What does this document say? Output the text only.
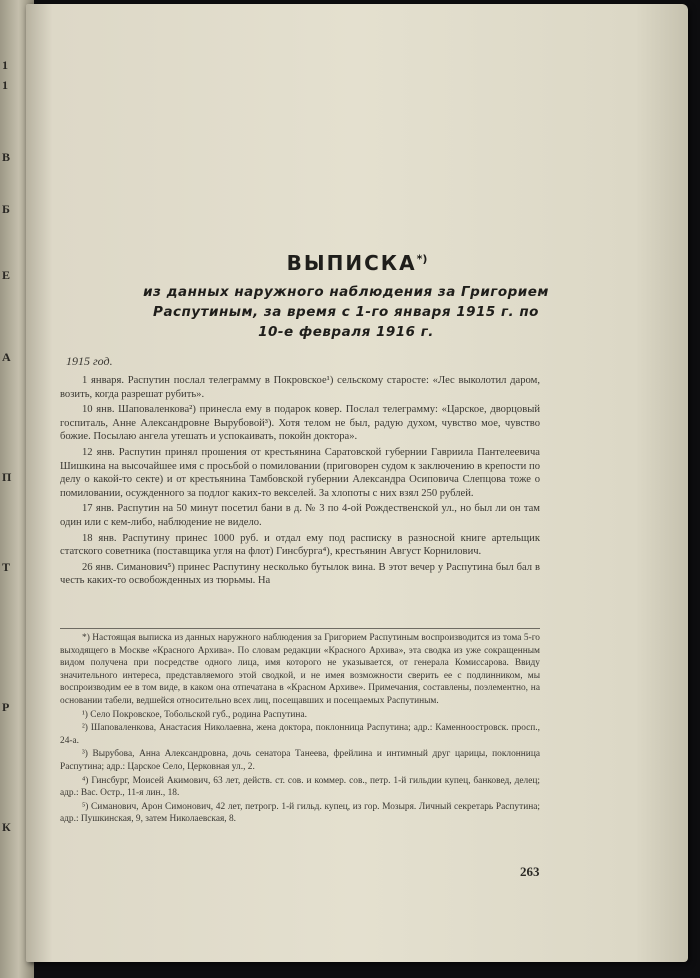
1
1
В
Б
Е
А
П
Т
Р
К
ВЫПИСКА*)
из данных наружного наблюдения за Григорием
Распутиным, за время с 1-го января 1915 г. по
10-е февраля 1916 г.
1915 год.

1 января. Распутин послал телеграмму в Покровское¹) сельскому старосте: «Лес выколотил даром, возить, когда разрешат рубить».

10 янв. Шаповаленкова²) принесла ему в подарок ковер. Послал телеграмму: «Царское, дворцовый госпиталь, Анне Александровне Вырубовой³). Хотя телом не был, радую духом, чувство мое, чувство божие. Посылаю ангела утешать и успокаивать, покойн доктора».

12 янв. Распутин принял прошения от крестьянина Саратовской губернии Гавриила Пантелеевича Шишкина на высочайшее имя с просьбой о помиловании (приговорен судом к заключению в крепости по делу о какой-то секте) и от крестьянина Тамбовской губернии Александра Осиповича Слепцова тоже о помиловании, осужденного за подлог каких-то векселей. За хлопоты с них взял 250 рублей.

17 янв. Распутин на 50 минут посетил бани в д. № 3 по 4-ой Рождественской ул., но был ли он там один или с кем-либо, наблюдение не видело.

18 янв. Распутину принес 1000 руб. и отдал ему под расписку в разносной книге артельщик статского советника (поставщика угля на флот) Гинсбурга⁴), крестьянин Август Корнилович.

26 янв. Симанович⁵) принес Распутину несколько бутылок вина. В этот вечер у Распутина был бал в честь каких-то освобожденных из тюрьмы. На

*) Настоящая выписка из данных наружного наблюдения за Григорием Распутиным воспроизводится из тома 5-го выходящего в Москве «Красного Архива». По словам редакции «Красного Архива», эта сводка из уже сокращенным видом получена при посредстве одного лица, имя которого не указывается, от генерала Комиссарова. Ввиду значительного интереса, представляемого этой сводкой, и не имея возможности сверить ее с подлинником, мы воспроизводим ее в том виде, в каком она отпечатана в «Красном Архиве». Примечания, составлены, поэлементно, на основании табели, ведшейся относительно всех лиц, посещавших и посещаемых Распутиным.

¹) Село Покровское, Тобольской губ., родина Распутина.

²) Шаповаленкова, Анастасия Николаевна, жена доктора, поклонница Распутина; адр.: Каменноостровск. просп., 24-а.

³) Вырубова, Анна Александровна, дочь сенатора Танеева, фрейлина и интимный друг царицы, поклонница Распутина; адр.: Царское Село, Церковная ул., 2.

⁴) Гинсбург, Моисей Акимович, 63 лет, действ. ст. сов. и коммер. сов., петр. 1-й гильдии купец, банковед, делец; адр.: Вас. Остр., 11-я лин., 18.

⁵) Симанович, Арон Симонович, 42 лет, петрогр. 1-й гильд. купец, из гор. Мозыря. Личный секретарь Распутина; адр.: Пушкинская, 9, затем Николаевская, 8.

263
